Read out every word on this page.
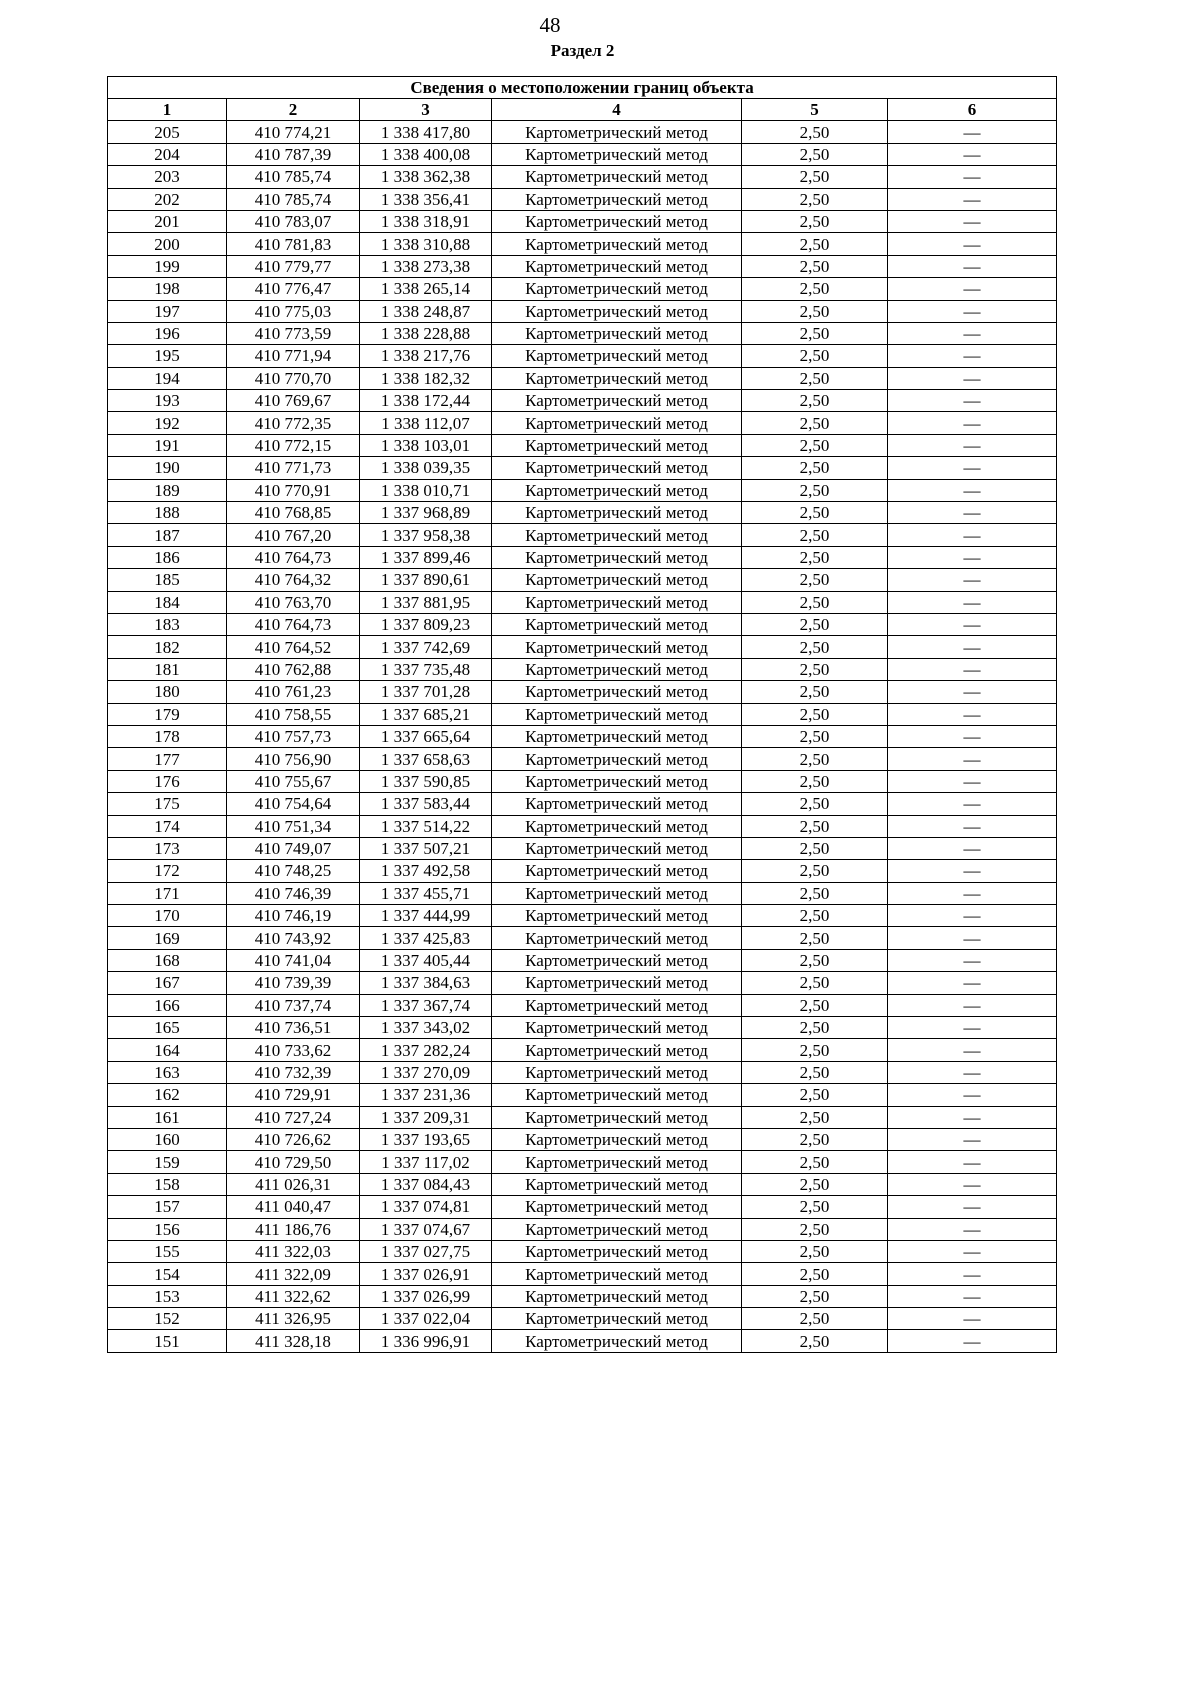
48
Раздел 2
Сведения о местоположении границ объекта					
1	2	3	4	5	6
205	410 774,21	1 338 417,80	Картометрический метод	2,50	—
204	410 787,39	1 338 400,08	Картометрический метод	2,50	—
203	410 785,74	1 338 362,38	Картометрический метод	2,50	—
202	410 785,74	1 338 356,41	Картометрический метод	2,50	—
201	410 783,07	1 338 318,91	Картометрический метод	2,50	—
200	410 781,83	1 338 310,88	Картометрический метод	2,50	—
199	410 779,77	1 338 273,38	Картометрический метод	2,50	—
198	410 776,47	1 338 265,14	Картометрический метод	2,50	—
197	410 775,03	1 338 248,87	Картометрический метод	2,50	—
196	410 773,59	1 338 228,88	Картометрический метод	2,50	—
195	410 771,94	1 338 217,76	Картометрический метод	2,50	—
194	410 770,70	1 338 182,32	Картометрический метод	2,50	—
193	410 769,67	1 338 172,44	Картометрический метод	2,50	—
192	410 772,35	1 338 112,07	Картометрический метод	2,50	—
191	410 772,15	1 338 103,01	Картометрический метод	2,50	—
190	410 771,73	1 338 039,35	Картометрический метод	2,50	—
189	410 770,91	1 338 010,71	Картометрический метод	2,50	—
188	410 768,85	1 337 968,89	Картометрический метод	2,50	—
187	410 767,20	1 337 958,38	Картометрический метод	2,50	—
186	410 764,73	1 337 899,46	Картометрический метод	2,50	—
185	410 764,32	1 337 890,61	Картометрический метод	2,50	—
184	410 763,70	1 337 881,95	Картометрический метод	2,50	—
183	410 764,73	1 337 809,23	Картометрический метод	2,50	—
182	410 764,52	1 337 742,69	Картометрический метод	2,50	—
181	410 762,88	1 337 735,48	Картометрический метод	2,50	—
180	410 761,23	1 337 701,28	Картометрический метод	2,50	—
179	410 758,55	1 337 685,21	Картометрический метод	2,50	—
178	410 757,73	1 337 665,64	Картометрический метод	2,50	—
177	410 756,90	1 337 658,63	Картометрический метод	2,50	—
176	410 755,67	1 337 590,85	Картометрический метод	2,50	—
175	410 754,64	1 337 583,44	Картометрический метод	2,50	—
174	410 751,34	1 337 514,22	Картометрический метод	2,50	—
173	410 749,07	1 337 507,21	Картометрический метод	2,50	—
172	410 748,25	1 337 492,58	Картометрический метод	2,50	—
171	410 746,39	1 337 455,71	Картометрический метод	2,50	—
170	410 746,19	1 337 444,99	Картометрический метод	2,50	—
169	410 743,92	1 337 425,83	Картометрический метод	2,50	—
168	410 741,04	1 337 405,44	Картометрический метод	2,50	—
167	410 739,39	1 337 384,63	Картометрический метод	2,50	—
166	410 737,74	1 337 367,74	Картометрический метод	2,50	—
165	410 736,51	1 337 343,02	Картометрический метод	2,50	—
164	410 733,62	1 337 282,24	Картометрический метод	2,50	—
163	410 732,39	1 337 270,09	Картометрический метод	2,50	—
162	410 729,91	1 337 231,36	Картометрический метод	2,50	—
161	410 727,24	1 337 209,31	Картометрический метод	2,50	—
160	410 726,62	1 337 193,65	Картометрический метод	2,50	—
159	410 729,50	1 337 117,02	Картометрический метод	2,50	—
158	411 026,31	1 337 084,43	Картометрический метод	2,50	—
157	411 040,47	1 337 074,81	Картометрический метод	2,50	—
156	411 186,76	1 337 074,67	Картометрический метод	2,50	—
155	411 322,03	1 337 027,75	Картометрический метод	2,50	—
154	411 322,09	1 337 026,91	Картометрический метод	2,50	—
153	411 322,62	1 337 026,99	Картометрический метод	2,50	—
152	411 326,95	1 337 022,04	Картометрический метод	2,50	—
151	411 328,18	1 336 996,91	Картометрический метод	2,50	—
